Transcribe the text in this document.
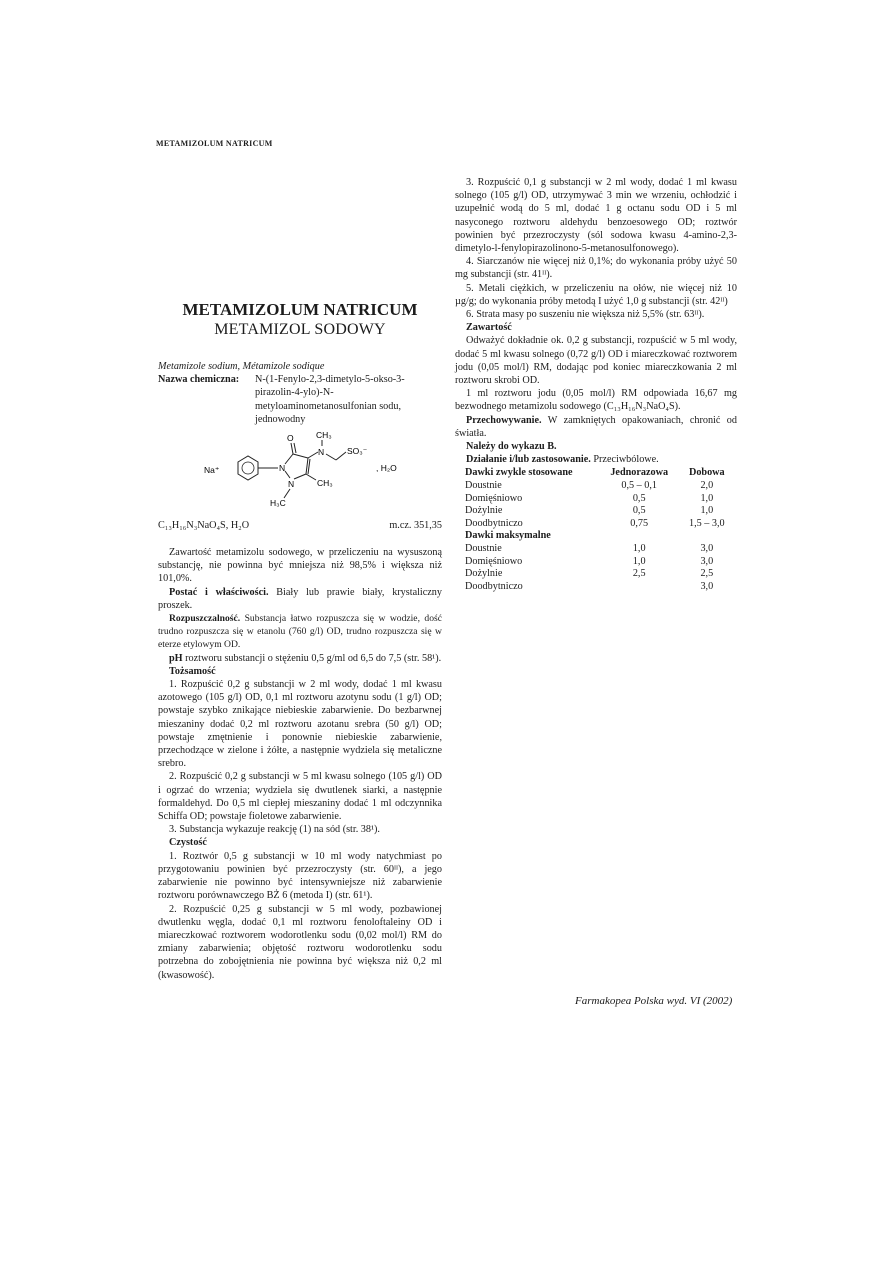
METAMIZOLUM NATRICUM

METAMIZOLUM NATRICUM

METAMIZOL SODOWY

Metamizole sodium, Métamizole sodique

Nazwa chemiczna:	N-(1-Fenylo-2,3-dimetylo-5-okso-3-pirazolin-4-ylo)-N-metyloaminometanosulfonian sodu, jednowodny
Na⁺	N
O
N
H₃C
CH₃
N
CH₃
SO₃⁻
, H₂O
C₁₃H₁₆N₃NaO₄S, H₂O	m.cz. 351,35

Zawartość metamizolu sodowego, w przeliczeniu na wysuszoną substancję, nie powinna być mniejsza niż 98,5% i większa niż 101,0%.

Postać i właściwości. Biały lub prawie biały, krystaliczny proszek.

Rozpuszczalność. Substancja łatwo rozpuszcza się w wodzie, dość trudno rozpuszcza się w etanolu (760 g/l) OD, trudno rozpuszcza się w eterze etylowym OD.

pH roztworu substancji o stężeniu 0,5 g/ml od 6,5 do 7,5 (str. 58¹).

Tożsamość

1. Rozpuścić 0,2 g substancji w 2 ml wody, dodać 1 ml kwasu azotowego (105 g/l) OD, 0,1 ml roztworu azotynu sodu (1 g/l) OD; powstaje szybko znikające niebieskie zabarwienie. Do bezbarwnej mieszaniny dodać 0,2 ml roztworu azotanu srebra (50 g/l) OD; powstaje zmętnienie i ponownie niebieskie zabarwienie, przechodzące w zielone i żółte, a następnie wydziela się metaliczne srebro.

2. Rozpuścić 0,2 g substancji w 5 ml kwasu solnego (105 g/l) OD i ogrzać do wrzenia; wydziela się dwutlenek siarki, a następnie formaldehyd. Do 0,5 ml ciepłej mieszaniny dodać 1 ml odczynnika Schiffa OD; powstaje fioletowe zabarwienie.

3. Substancja wykazuje reakcję (1) na sód (str. 38¹).

Czystość

1. Roztwór 0,5 g substancji w 10 ml wody natychmiast po przygotowaniu powinien być przezroczysty (str. 60ᴵᴵ), a jego zabarwienie nie powinno być intensywniejsze niż zabarwienie roztworu porównawczego BŻ 6 (metoda I) (str. 61¹).

2. Rozpuścić 0,25 g substancji w 5 ml wody, pozbawionej dwutlenku węgla, dodać 0,1 ml roztworu fenoloftaleiny OD i miareczkować roztworem wodorotlenku sodu (0,02 mol/l) RM do zmiany zabarwienia; objętość roztworu wodorotlenku sodu potrzebna do zobojętnienia nie powinna być większa niż 0,2 ml (kwasowość).

3. Rozpuścić 0,1 g substancji w 2 ml wody, dodać 1 ml kwasu solnego (105 g/l) OD, utrzymywać 3 min we wrzeniu, ochłodzić i uzupełnić wodą do 5 ml, dodać 1 g octanu sodu OD i 5 ml nasyconego roztworu aldehydu benzoesowego OD; roztwór powinien być przezroczysty (sól sodowa kwasu 4-amino-2,3-dimetylo-l-fenylopirazolinono-5-metanosulfonowego).

4. Siarczanów nie więcej niż 0,1%; do wykonania próby użyć 50 mg substancji (str. 41ᴵᴵ).

5. Metali ciężkich, w przeliczeniu na ołów, nie więcej niż 10 µg/g; do wykonania próby metodą I użyć 1,0 g substancji (str. 42ᴵᴵ)

6. Strata masy po suszeniu nie większa niż 5,5% (str. 63ᴵᴵ).

Zawartość

Odważyć dokładnie ok. 0,2 g substancji, rozpuścić w 5 ml wody, dodać 5 ml kwasu solnego (0,72 g/l) OD i miareczkować roztworem jodu (0,05 mol/l) RM, dodając pod koniec miareczkowania 2 ml roztworu skrobi OD.

1 ml roztworu jodu (0,05 mol/l) RM odpowiada 16,67 mg bezwodnego metamizolu sodowego (C₁₃H₁₆N₃NaO₄S).

Przechowywanie. W zamkniętych opakowaniach, chronić od światła.

Należy do wykazu B.

Działanie i/lub zastosowanie. Przeciwbólowe.

Dawki zwykle stosowane	Jednorazowa	Dobowa
Doustnie	0,5 – 0,1	2,0
Domięśniowo	0,5	1,0
Dożylnie	0,5	1,0
Doodbytniczo	0,75	1,5 – 3,0
Dawki maksymalne		
Doustnie	1,0	3,0
Domięśniowo	1,0	3,0
Dożylnie	2,5	2,5
Doodbytniczo		3,0
Farmakopea Polska wyd. VI (2002)
